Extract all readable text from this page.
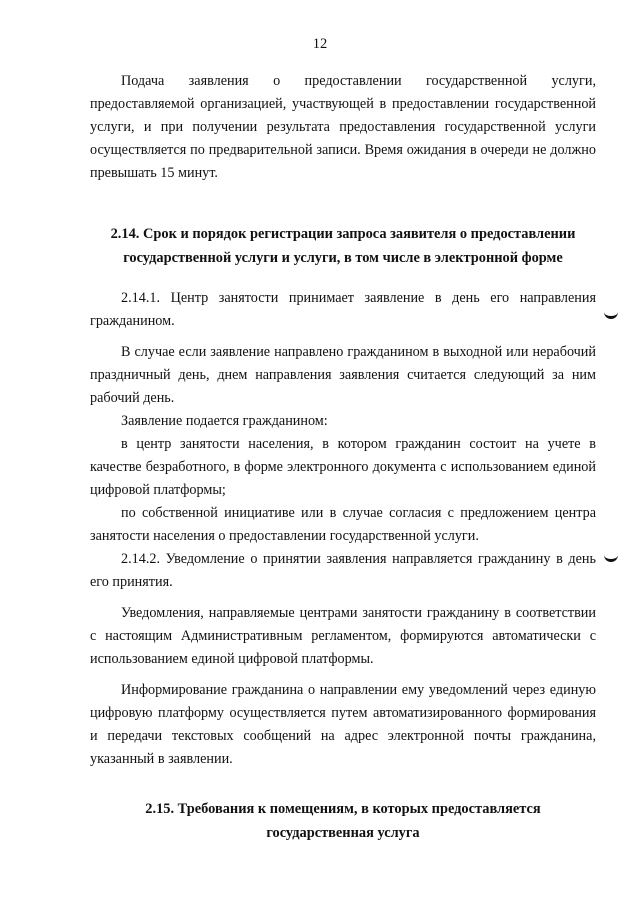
12

Подача заявления о предоставлении государственной услуги, предоставляемой организацией, участвующей в предоставлении государственной услуги, и при получении результата предоставления государственной услуги осуществляется по предварительной записи. Время ожидания в очереди не должно превышать 15 минут.

2.14. Срок и порядок регистрации запроса заявителя о предоставлении государственной услуги и услуги, в том числе в электронной форме

2.14.1. Центр занятости принимает заявление в день его направления гражданином.

В случае если заявление направлено гражданином в выходной или нерабочий праздничный день, днем направления заявления считается следующий за ним рабочий день.

Заявление подается гражданином:

в центр занятости населения, в котором гражданин состоит на учете в качестве безработного, в форме электронного документа с использованием единой цифровой платформы;

по собственной инициативе или в случае согласия с предложением центра занятости населения о предоставлении государственной услуги.

2.14.2. Уведомление о принятии заявления направляется гражданину в день его принятия.

Уведомления, направляемые центрами занятости гражданину в соответствии с настоящим Административным регламентом, формируются автоматически с использованием единой цифровой платформы.

Информирование гражданина о направлении ему уведомлений через единую цифровую платформу осуществляется путем автоматизированного формирования и передачи текстовых сообщений на адрес электронной почты гражданина, указанный в заявлении.

2.15. Требования к помещениям, в которых предоставляется государственная услуга
